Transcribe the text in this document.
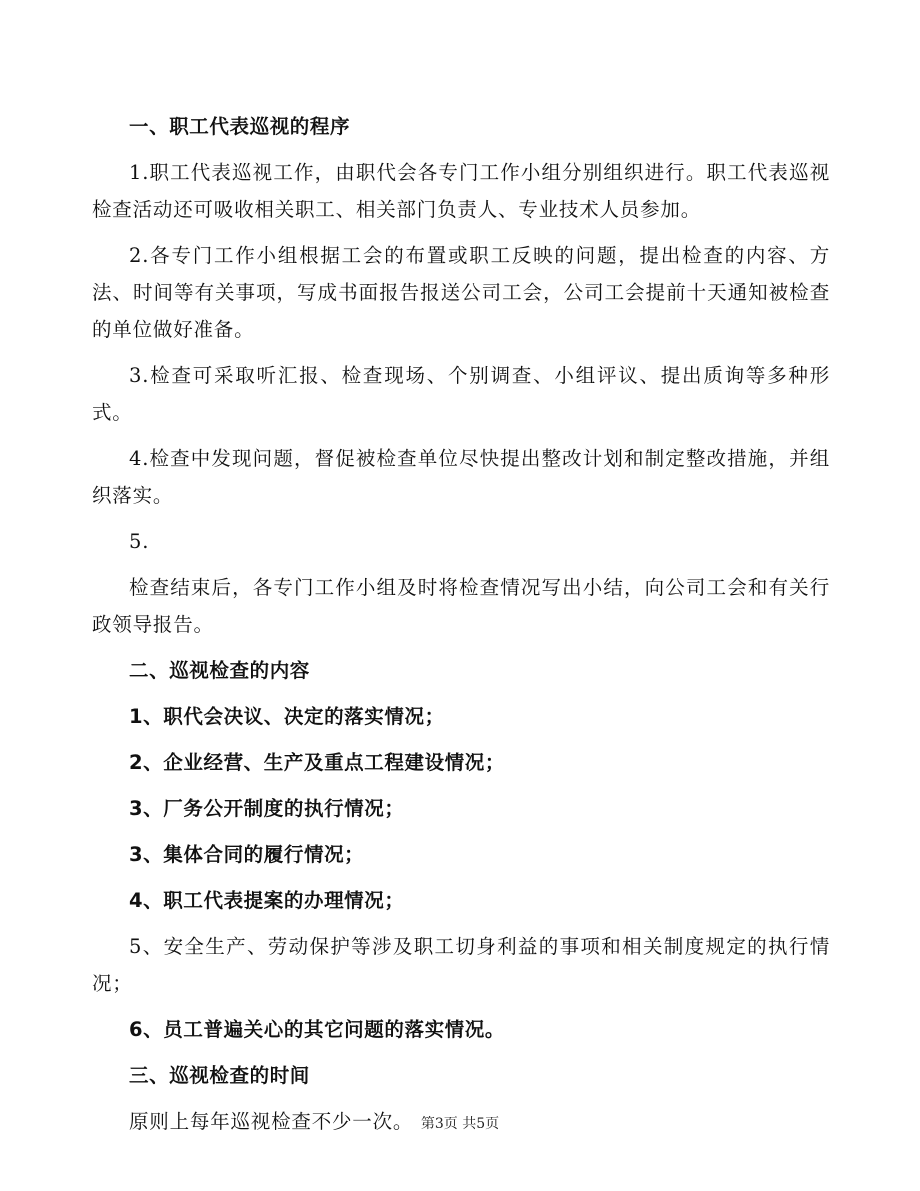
一、职工代表巡视的程序

1.职工代表巡视工作，由职代会各专门工作小组分别组织进行。职工代表巡视检查活动还可吸收相关职工、相关部门负责人、专业技术人员参加。

2.各专门工作小组根据工会的布置或职工反映的问题，提出检查的内容、方法、时间等有关事项，写成书面报告报送公司工会，公司工会提前十天通知被检查的单位做好准备。

3.检查可采取听汇报、检查现场、个别调查、小组评议、提出质询等多种形式。

4.检查中发现问题，督促被检查单位尽快提出整改计划和制定整改措施，并组织落实。

5.

检查结束后，各专门工作小组及时将检查情况写出小结，向公司工会和有关行政领导报告。

二、巡视检查的内容

1、职代会决议、决定的落实情况；

2、企业经营、生产及重点工程建设情况；

3、厂务公开制度的执行情况；

3、集体合同的履行情况；

4、职工代表提案的办理情况；

5、安全生产、劳动保护等涉及职工切身利益的事项和相关制度规定的执行情况；

6、员工普遍关心的其它问题的落实情况。

三、巡视检查的时间

原则上每年巡视检查不少一次。 第3页 共5页
